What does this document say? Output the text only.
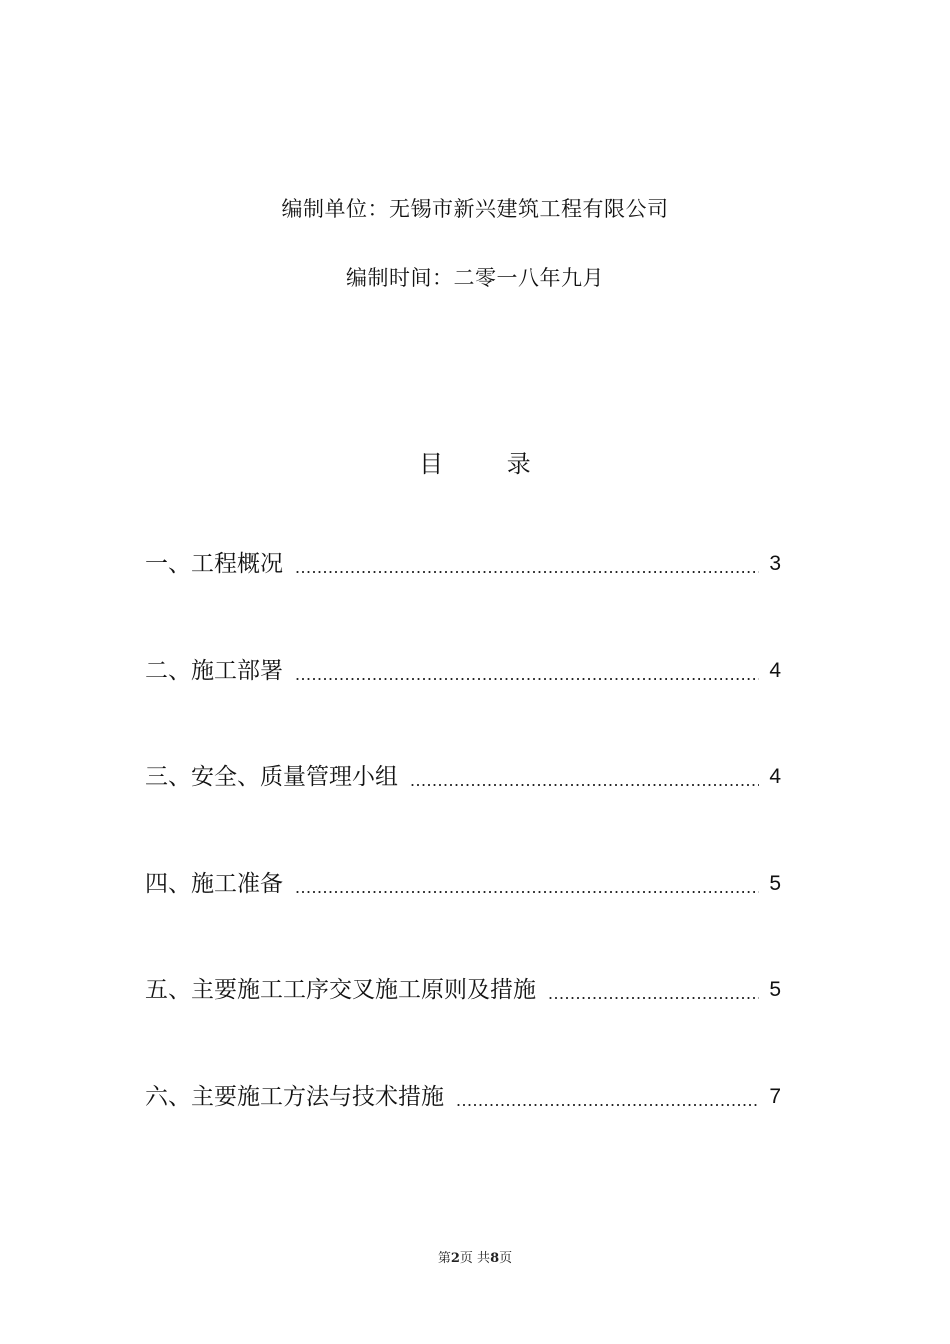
编制单位：无锡市新兴建筑工程有限公司
编制时间：二零一八年九月
目 录
一、工程概况 .....	3
二、施工部署 .....	4
三、安全、质量管理小组 .....	4
四、施工准备 .....	5
五、主要施工工序交叉施工原则及措施 .....	5
六、主要施工方法与技术措施 .....	7
第2页 共8页
